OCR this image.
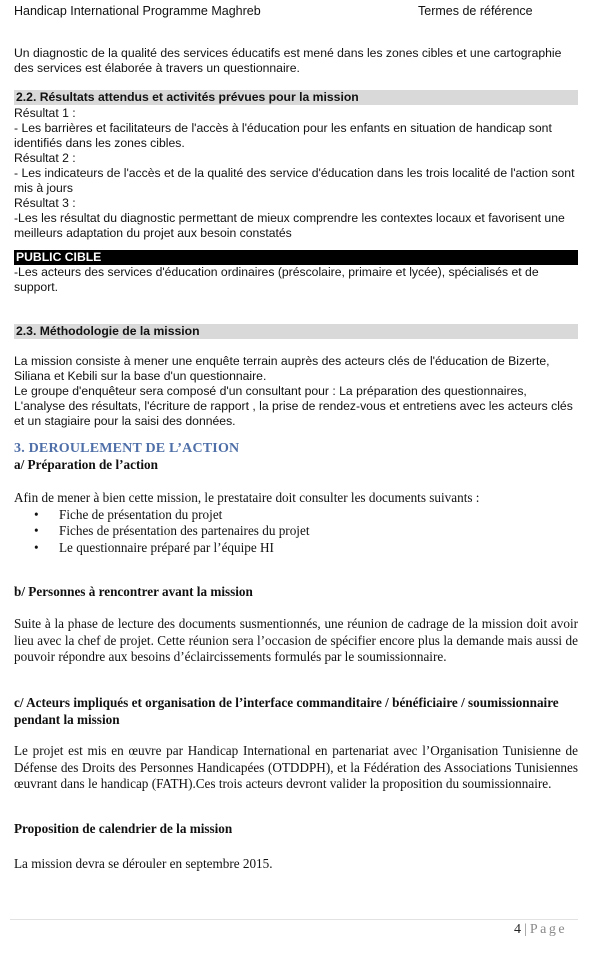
Handicap International Programme Maghreb	Termes de référence

Un diagnostic de la qualité des services éducatifs est mené dans les zones cibles et une cartographie des services est élaborée à travers un questionnaire.

2.2. Résultats attendus et activités prévues pour la mission
Résultat 1 :
- Les barrières et facilitateurs de l'accès à l'éducation pour les enfants en situation de handicap sont identifiés dans les zones cibles.
Résultat 2 :
- Les indicateurs de l'accès et de la qualité des service d'éducation dans les trois localité de l'action sont mis à jours
Résultat 3 :
-Les les résultat du diagnostic permettant de mieux comprendre les contextes locaux et favorisent une meilleurs adaptation du projet aux besoin constatés
PUBLIC CIBLE
-Les acteurs des services d'éducation ordinaires (préscolaire, primaire et lycée), spécialisés et de support.
2.3. Méthodologie de la mission
La mission consiste à mener une enquête terrain auprès des acteurs clés de l'éducation de Bizerte, Siliana et Kebili sur la base d'un questionnaire.
Le groupe d'enquêteur sera composé d'un consultant pour : La préparation des questionnaires, L'analyse des résultats, l'écriture de rapport , la prise de rendez-vous et entretiens avec les acteurs clés et un stagiaire pour la saisi des données.
3. DEROULEMENT DE L’ACTION
a/ Préparation de l’action
Afin de mener à bien cette mission, le prestataire doit consulter les documents suivants :
• Fiche de présentation du projet
• Fiches de présentation des partenaires du projet
• Le questionnaire préparé par l’équipe HI
b/ Personnes à rencontrer avant la mission
Suite à la phase de lecture des documents susmentionnés, une réunion de cadrage de la mission doit avoir lieu avec la chef de projet. Cette réunion sera l’occasion de spécifier encore plus la demande mais aussi de pouvoir répondre aux besoins d’éclaircissements formulés par le soumissionnaire.
c/ Acteurs impliqués et organisation de l’interface commanditaire / bénéficiaire / soumissionnaire pendant la mission
Le projet est mis en œuvre par Handicap International en partenariat avec l’Organisation Tunisienne de Défense des Droits des Personnes Handicapées (OTDDPH), et la Fédération des Associations Tunisiennes œuvrant dans le handicap (FATH).Ces trois acteurs devront valider la proposition du soumissionnaire.
Proposition de calendrier de la mission
La mission devra se dérouler en septembre 2015.
4 | Page
